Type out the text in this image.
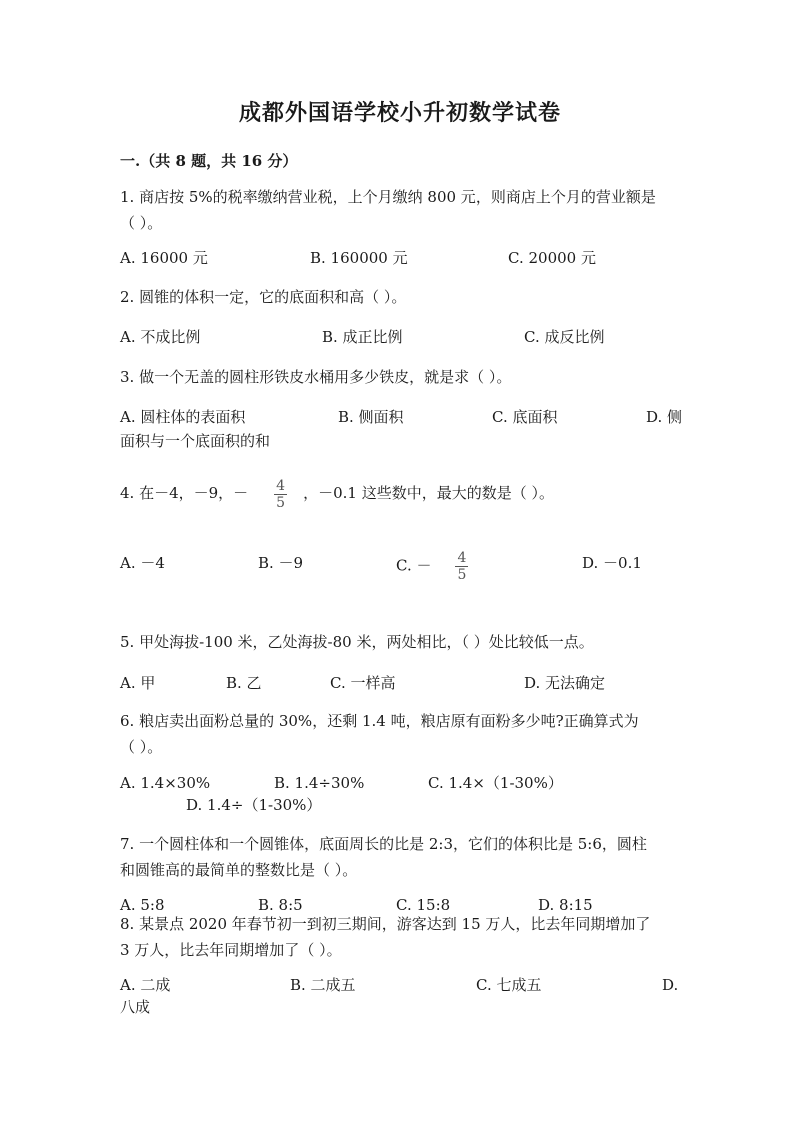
成都外国语学校小升初数学试卷
一.（共 8 题，共 16 分）
1. 商店按 5%的税率缴纳营业税，上个月缴纳 800 元，则商店上个月的营业额是
（ ）。
A. 16000 元	B. 160000 元	C. 20000 元
2. 圆锥的体积一定，它的底面积和高（ ）。
A. 不成比例	B. 成正比例	C. 成反比例
3. 做一个无盖的圆柱形铁皮水桶用多少铁皮，就是求（ ）。
A. 圆柱体的表面积	B. 侧面积	C. 底面积	D. 侧
面积与一个底面积的和
4. 在－4，－9，－ $\frac{4}{5}$ ，－0.1 这些数中，最大的数是（ ）。
A. －4	B. －9	C. － $\frac{4}{5}$	D. －0.1
5. 甲处海拔-100 米，乙处海拔-80 米，两处相比，（ ）处比较低一点。
A. 甲	B. 乙	C. 一样高	D. 无法确定
6. 粮店卖出面粉总量的 30%，还剩 1.4 吨，粮店原有面粉多少吨?正确算式为
（ ）。
A. 1.4×30%	B. 1.4÷30%	C. 1.4×（1-30%）
D. 1.4÷（1-30%）
7. 一个圆柱体和一个圆锥体，底面周长的比是 2:3，它们的体积比是 5:6，圆柱
和圆锥高的最简单的整数比是（ ）。
A. 5:8	B. 8:5	C. 15:8	D. 8:15
8. 某景点 2020 年春节初一到初三期间，游客达到 15 万人，比去年同期增加了
3 万人，比去年同期增加了（ ）。
A. 二成	B. 二成五	C. 七成五	D.
八成
